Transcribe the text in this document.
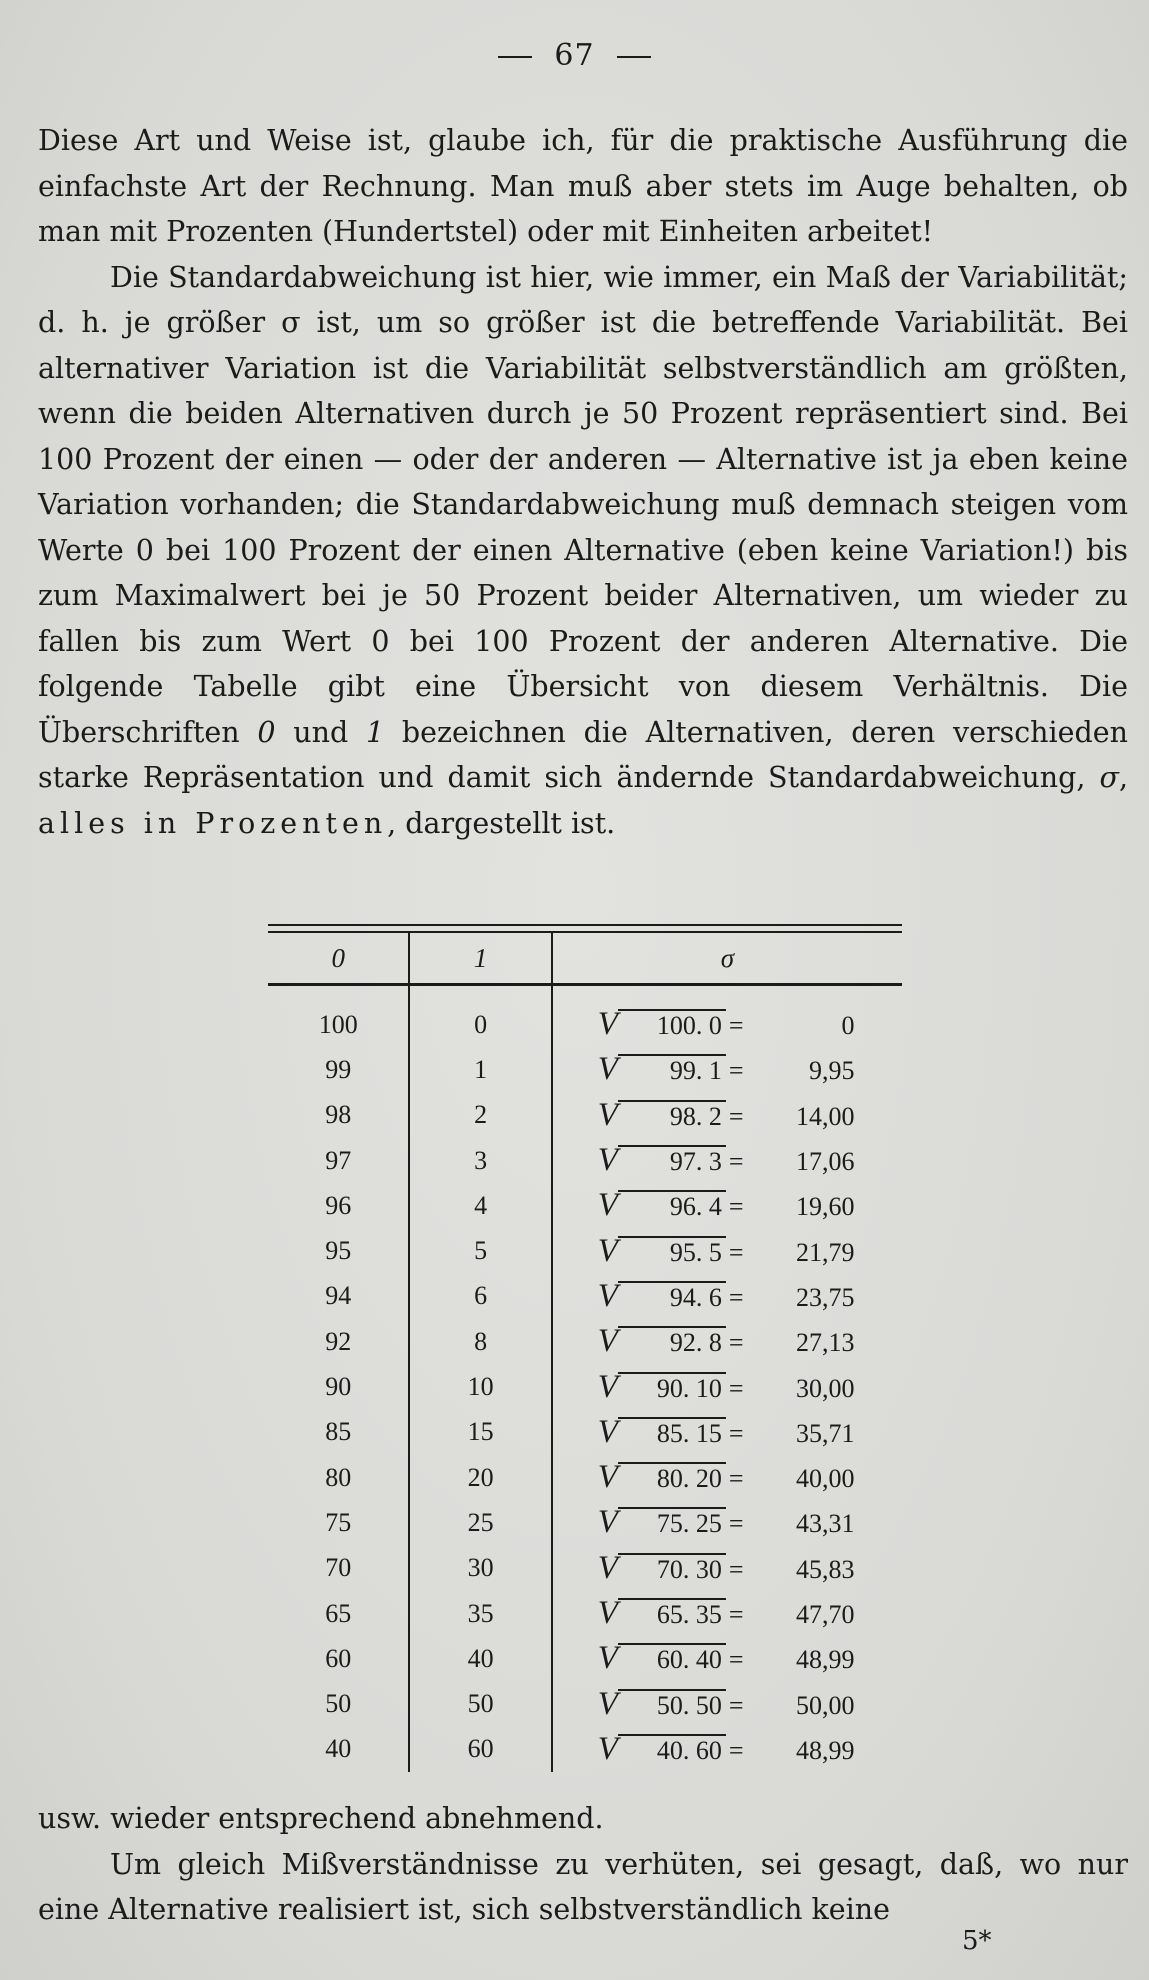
67

Diese Art und Weise ist, glaube ich, für die praktische Ausführung die einfachste Art der Rechnung. Man muß aber stets im Auge behalten, ob man mit Prozenten (Hundertstel) oder mit Einheiten arbeitet!

Die Standardabweichung ist hier, wie immer, ein Maß der Variabilität; d. h. je größer σ ist, um so größer ist die betreffende Variabilität. Bei alternativer Variation ist die Variabilität selbstverständlich am größten, wenn die beiden Alternativen durch je 50 Prozent repräsentiert sind. Bei 100 Prozent der einen — oder der anderen — Alternative ist ja eben keine Variation vorhanden; die Standardabweichung muß demnach steigen vom Werte 0 bei 100 Prozent der einen Alternative (eben keine Variation!) bis zum Maximalwert bei je 50 Prozent beider Alternativen, um wieder zu fallen bis zum Wert 0 bei 100 Prozent der anderen Alternative. Die folgende Tabelle gibt eine Übersicht von diesem Verhältnis. Die Überschriften 0 und 1 bezeichnen die Alternativen, deren verschieden starke Repräsentation und damit sich ändernde Standardabweichung, σ, alles in Prozenten, dargestellt ist.

0	1	σ
100	0	V 100. 0 = 0

99	1	V 99. 1 = 9,95

98	2	V 98. 2 = 14,00

97	3	V 97. 3 = 17,06

96	4	V 96. 4 = 19,60

95	5	V 95. 5 = 21,79

94	6	V 94. 6 = 23,75

92	8	V 92. 8 = 27,13

90	10	V 90. 10 = 30,00

85	15	V 85. 15 = 35,71

80	20	V 80. 20 = 40,00

75	25	V 75. 25 = 43,31

70	30	V 70. 30 = 45,83

65	35	V 65. 35 = 47,70

60	40	V 60. 40 = 48,99

50	50	V 50. 50 = 50,00

40	60	V 40. 60 = 48,99

usw. wieder entsprechend abnehmend.

Um gleich Mißverständnisse zu verhüten, sei gesagt, daß, wo nur eine Alternative realisiert ist, sich selbstverständlich keine

5*
